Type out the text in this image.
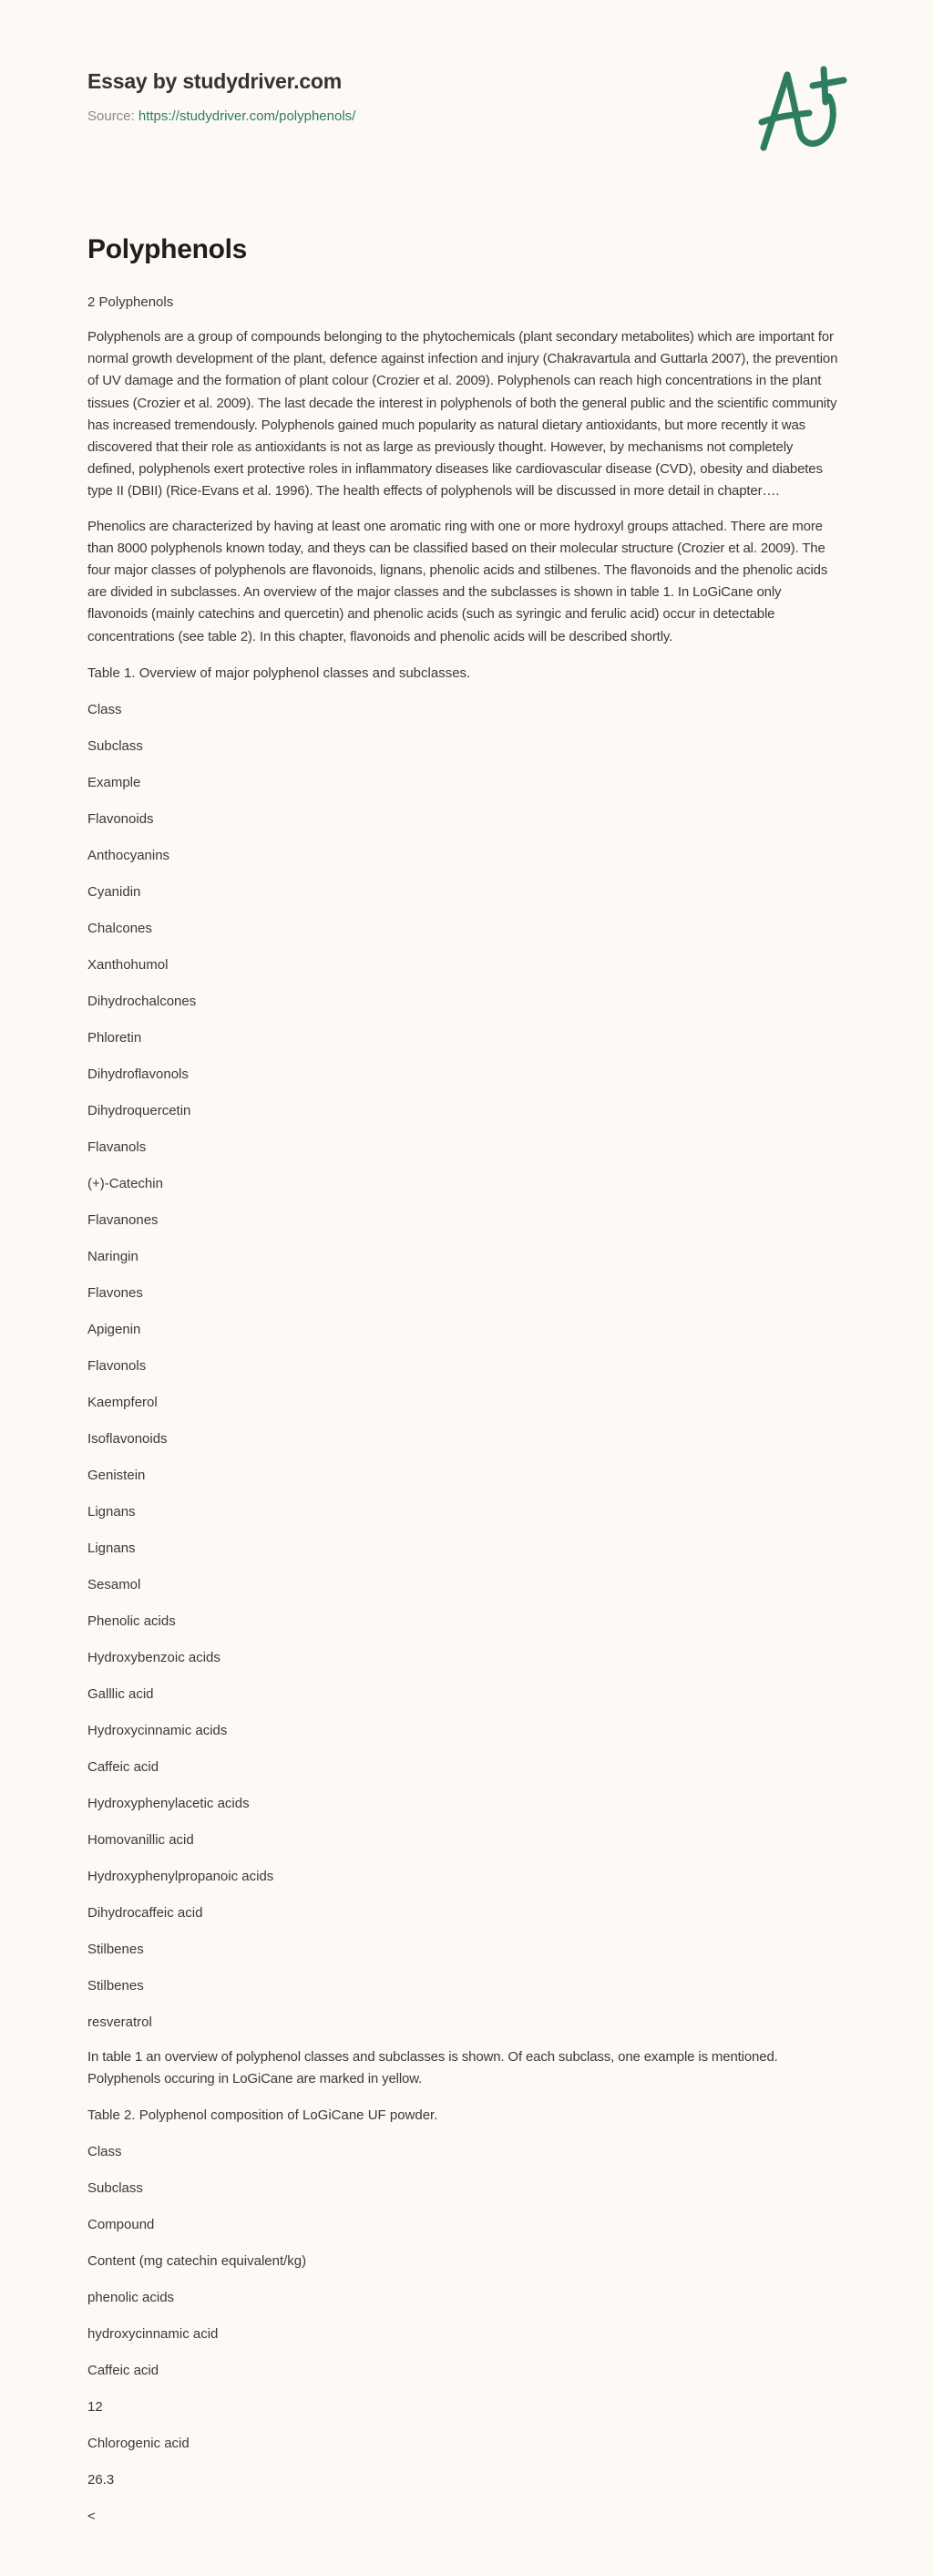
Essay by studydriver.com
Source: https://studydriver.com/polyphenols/
Polyphenols

2 Polyphenols

Polyphenols are a group of compounds belonging to the phytochemicals (plant secondary metabolites) which are important for normal growth development of the plant, defence against infection and injury (Chakravartula and Guttarla 2007), the prevention of UV damage and the formation of plant colour (Crozier et al. 2009). Polyphenols can reach high concentrations in the plant tissues (Crozier et al. 2009). The last decade the interest in polyphenols of both the general public and the scientific community has increased tremendously. Polyphenols gained much popularity as natural dietary antioxidants, but more recently it was discovered that their role as antioxidants is not as large as previously thought. However, by mechanisms not completely defined, polyphenols exert protective roles in inflammatory diseases like cardiovascular disease (CVD), obesity and diabetes type II (DBII) (Rice-Evans et al. 1996). The health effects of polyphenols will be discussed in more detail in chapter….

Phenolics are characterized by having at least one aromatic ring with one or more hydroxyl groups attached. There are more than 8000 polyphenols known today, and theys can be classified based on their molecular structure (Crozier et al. 2009). The four major classes of polyphenols are flavonoids, lignans, phenolic acids and stilbenes. The flavonoids and the phenolic acids are divided in subclasses. An overview of the major classes and the subclasses is shown in table 1. In LoGiCane only flavonoids (mainly catechins and quercetin) and phenolic acids (such as syringic and ferulic acid) occur in detectable concentrations (see table 2). In this chapter, flavonoids and phenolic acids will be described shortly.

Table 1. Overview of major polyphenol classes and subclasses.

Class
Subclass
Example
Flavonoids
Anthocyanins
Cyanidin
Chalcones
Xanthohumol
Dihydrochalcones
Phloretin
Dihydroflavonols
Dihydroquercetin
Flavanols
(+)-Catechin
Flavanones
Naringin
Flavones
Apigenin
Flavonols
Kaempferol
Isoflavonoids
Genistein
Lignans
Lignans
Sesamol
Phenolic acids
Hydroxybenzoic acids
Galllic acid
Hydroxycinnamic acids
Caffeic acid
Hydroxyphenylacetic acids
Homovanillic acid
Hydroxyphenylpropanoic acids
Dihydrocaffeic acid
Stilbenes
Stilbenes
resveratrol

In table 1 an overview of polyphenol classes and subclasses is shown. Of each subclass, one example is mentioned. Polyphenols occuring in LoGiCane are marked in yellow.

Table 2. Polyphenol composition of LoGiCane UF powder.

Class
Subclass
Compound
Content (mg catechin equivalent/kg)
phenolic acids
hydroxycinnamic acid
Caffeic acid
12
Chlorogenic acid
26.3
<
